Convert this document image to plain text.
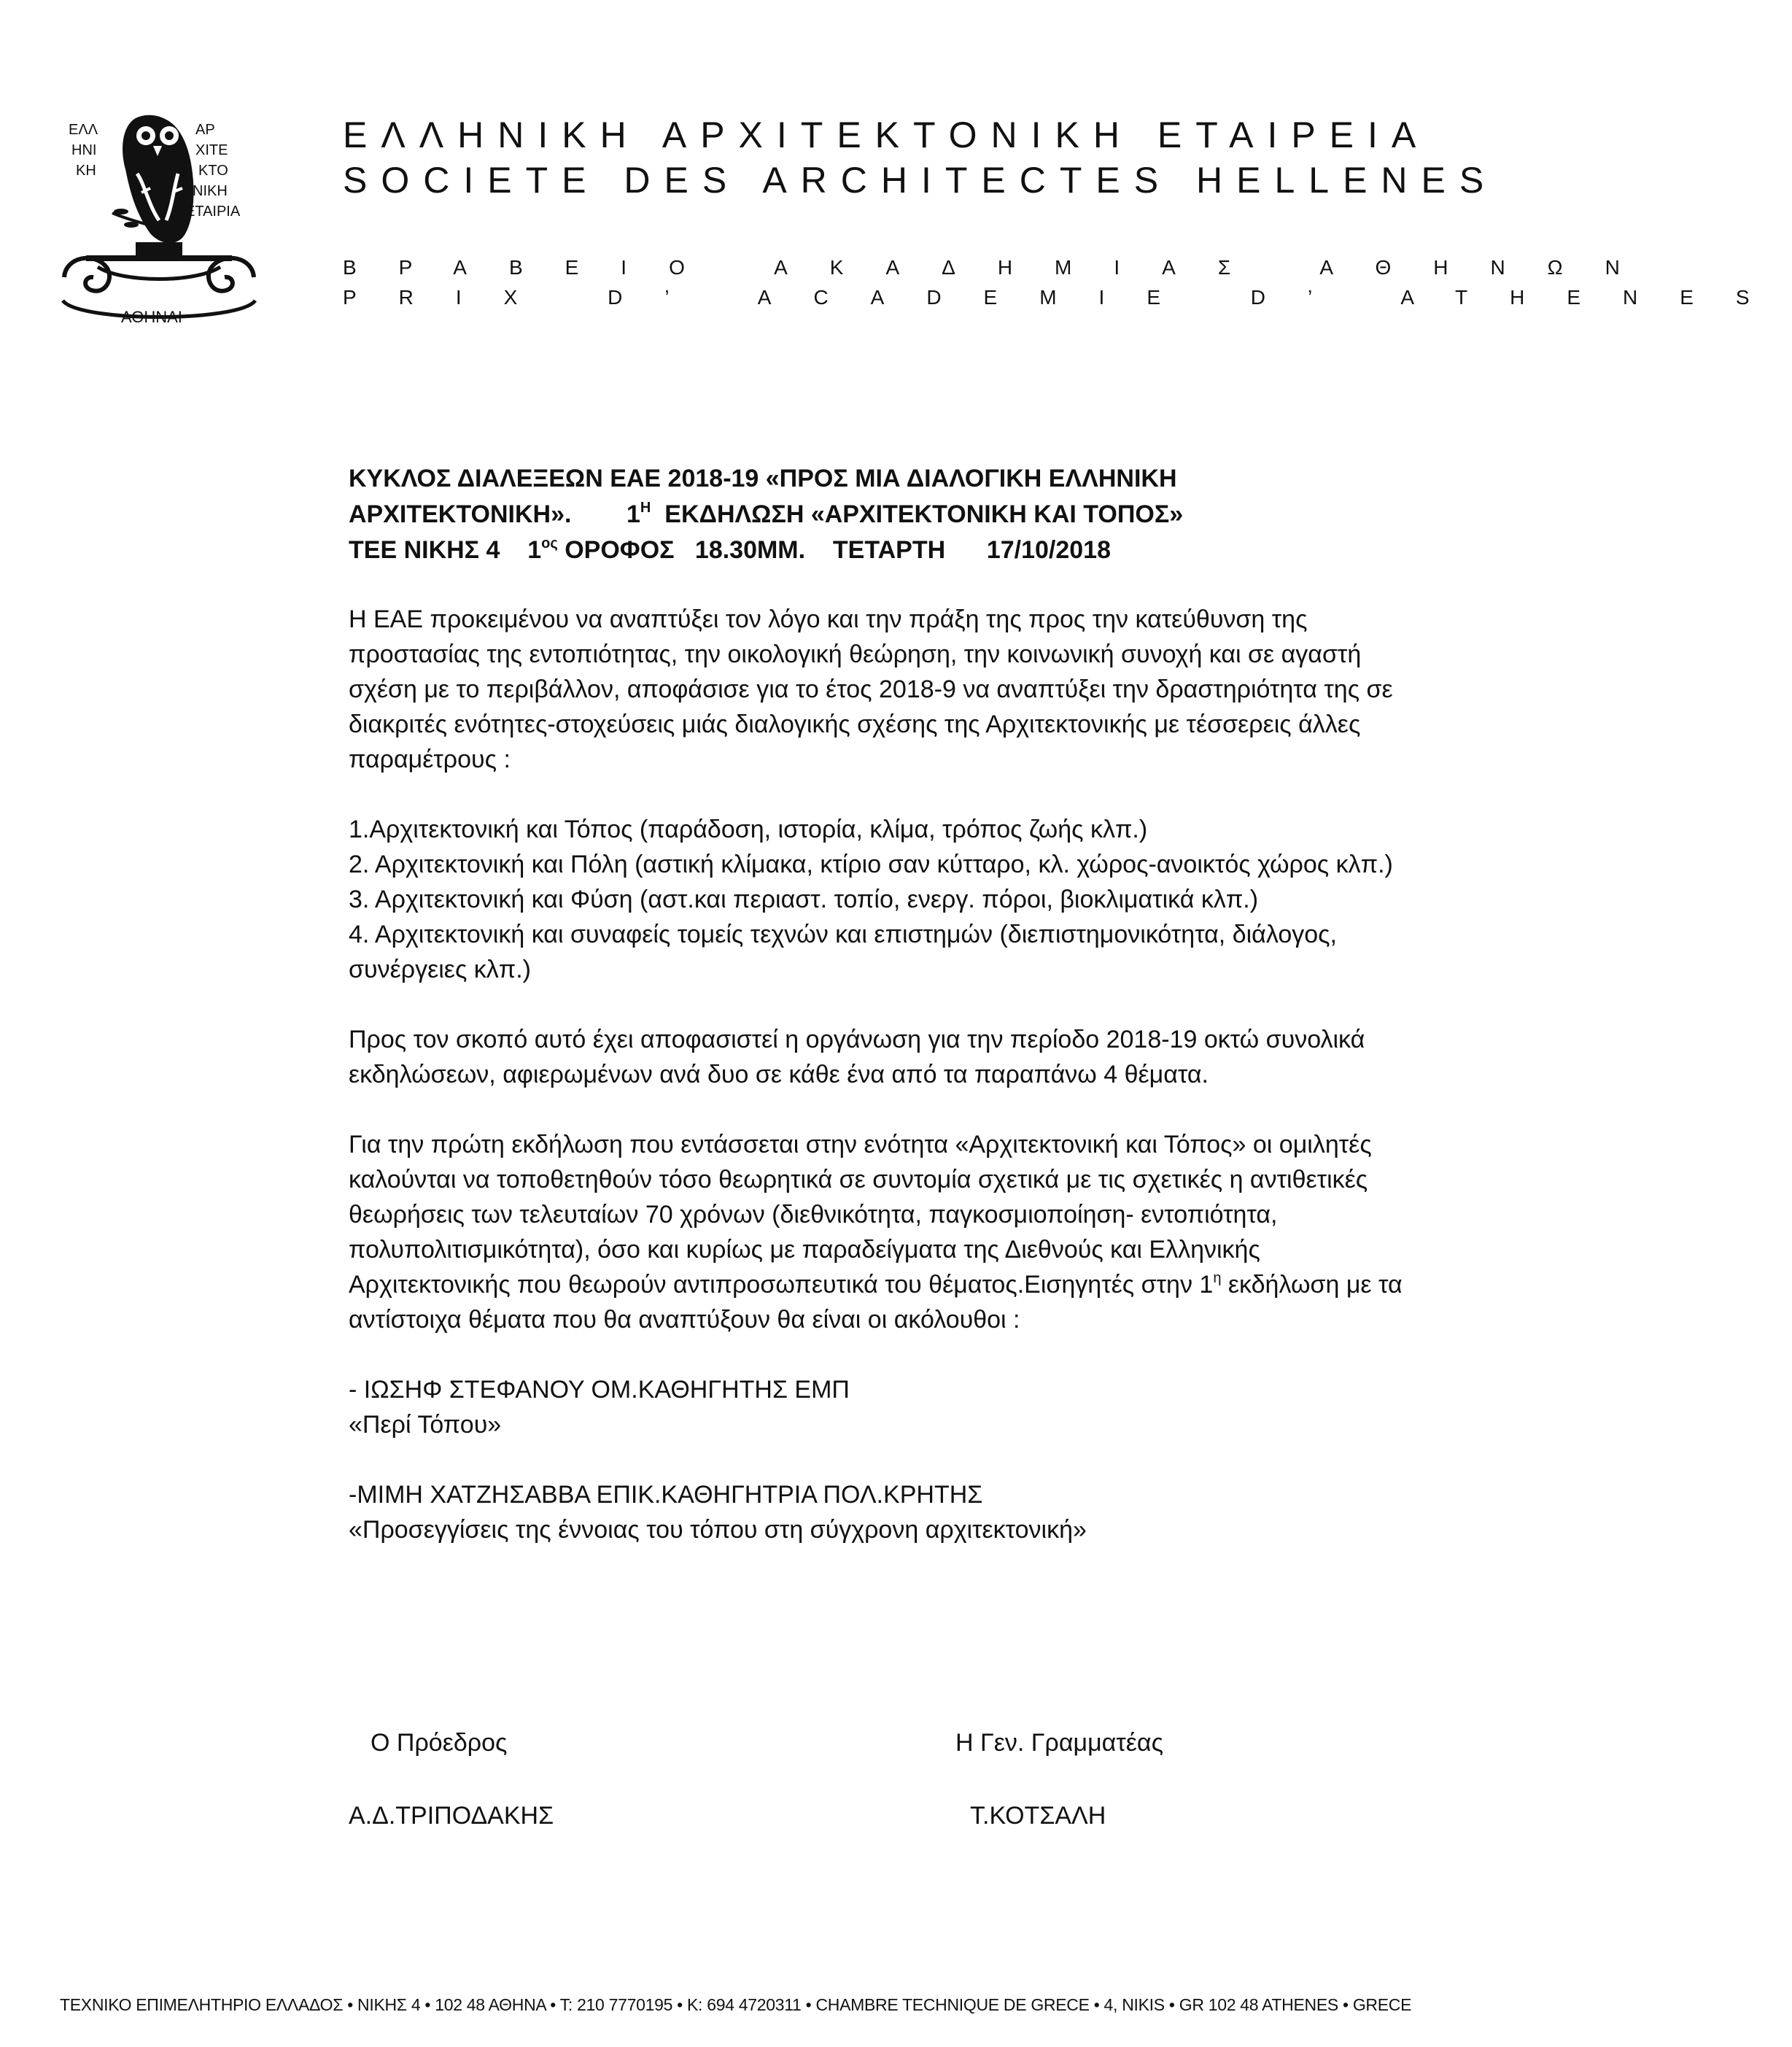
ΕΛΛ
ΗΝΙ
ΚΗ
ΑΡ
ΧΙΤΕ
ΚΤΟ
ΝΙΚΗ
ΕΤΑΙΡΙΑ
ΑΘΗΝΑΙ
ΕΛΛΗΝΙΚΗ ΑΡΧΙΤΕΚΤΟΝΙΚΗ ΕΤΑΙΡΕΙΑ
SOCIETE DES ARCHITECTES HELLENES
ΒΡΑΒΕΙΟ ΑΚΑΔΗΜΙΑΣ ΑΘΗΝΩΝ
PRIX D’ ACADEMIE D’ ATHENES
ΚΥΚΛΟΣ ΔΙΑΛΕΞΕΩΝ ΕΑΕ 2018-19 «ΠΡΟΣ ΜΙΑ ΔΙΑΛΟΓΙΚΗ ΕΛΛΗΝΙΚΗ
ΑΡΧΙΤΕΚΤΟΝΙΚΗ». $1^H$ ΕΚΔΗΛΩΣΗ «ΑΡΧΙΤΕΚΤΟΝΙΚΗ ΚΑΙ ΤΟΠΟΣ»
ΤΕΕ ΝΙΚΗΣ 4 $1^{o\varsigma}$ ΟΡΟΦΟΣ 18.30ΜΜ. ΤΕΤΑΡΤΗ 17/10/2018

Η ΕΑΕ προκειμένου να αναπτύξει τον λόγο και την πράξη της προς την κατεύθυνση της προστασίας της εντοπιότητας, την οικολογική θεώρηση, την κοινωνική συνοχή και σε αγαστή σχέση με το περιβάλλον, αποφάσισε για το έτος 2018-9 να αναπτύξει την δραστηριότητα της σε διακριτές ενότητες-στοχεύσεις μιάς διαλογικής σχέσης της Αρχιτεκτονικής με τέσσερεις άλλες παραμέτρους :

1.Αρχιτεκτονική και Τόπος (παράδοση, ιστορία, κλίμα, τρόπος ζωής κλπ.)

2. Αρχιτεκτονική και Πόλη (αστική κλίμακα, κτίριο σαν κύτταρο, κλ. χώρος-ανοικτός χώρος κλπ.)

3. Αρχιτεκτονική και Φύση (αστ.και περιαστ. τοπίο, ενεργ. πόροι, βιοκλιματικά κλπ.)

4. Αρχιτεκτονική και συναφείς τομείς τεχνών και επιστημών (διεπιστημονικότητα, διάλογος, συνέργειες κλπ.)

Προς τον σκοπό αυτό έχει αποφασιστεί η οργάνωση για την περίοδο 2018-19 οκτώ συνολικά εκδηλώσεων, αφιερωμένων ανά δυο σε κάθε ένα από τα παραπάνω 4 θέματα.

Για την πρώτη εκδήλωση που εντάσσεται στην ενότητα «Αρχιτεκτονική και Τόπος» οι ομιλητές καλούνται να τοποθετηθούν τόσο θεωρητικά σε συντομία σχετικά με τις σχετικές η αντιθετικές θεωρήσεις των τελευταίων 70 χρόνων (διεθνικότητα, παγκοσμιοποίηση- εντοπιότητα, πολυπολιτισμικότητα), όσο και κυρίως με παραδείγματα της Διεθνούς και Ελληνικής Αρχιτεκτονικής που θεωρούν αντιπροσωπευτικά του θέματος.Εισηγητές στην $1^\eta$ εκδήλωση με τα αντίστοιχα θέματα που θα αναπτύξουν θα είναι οι ακόλουθοι :

- ΙΩΣΗΦ ΣΤΕΦΑΝΟΥ ΟΜ.ΚΑΘΗΓΗΤΗΣ ΕΜΠ

«Περί Τόπου»

-ΜΙΜΗ ΧΑΤΖΗΣΑΒΒΑ ΕΠΙΚ.ΚΑΘΗΓΗΤΡΙΑ ΠΟΛ.ΚΡΗΤΗΣ

«Προσεγγίσεις της έννοιας του τόπου στη σύγχρονη αρχιτεκτονική»

Ο Πρόεδρος	Η Γεν. Γραμματέας
Α.Δ.ΤΡΙΠΟΔΑΚΗΣ	Τ.ΚΟΤΣΑΛΗ
ΤΕΧΝΙΚΟ ΕΠΙΜΕΛΗΤΗΡΙΟ ΕΛΛΑΔΟΣ • ΝΙΚΗΣ 4 • 102 48 ΑΘΗΝΑ • Τ: 210 7770195 • Κ: 694 4720311 • CHAMBRE TECHNIQUE DE GRECE • 4, NIKIS • GR 102 48 ATHENES • GRECE
